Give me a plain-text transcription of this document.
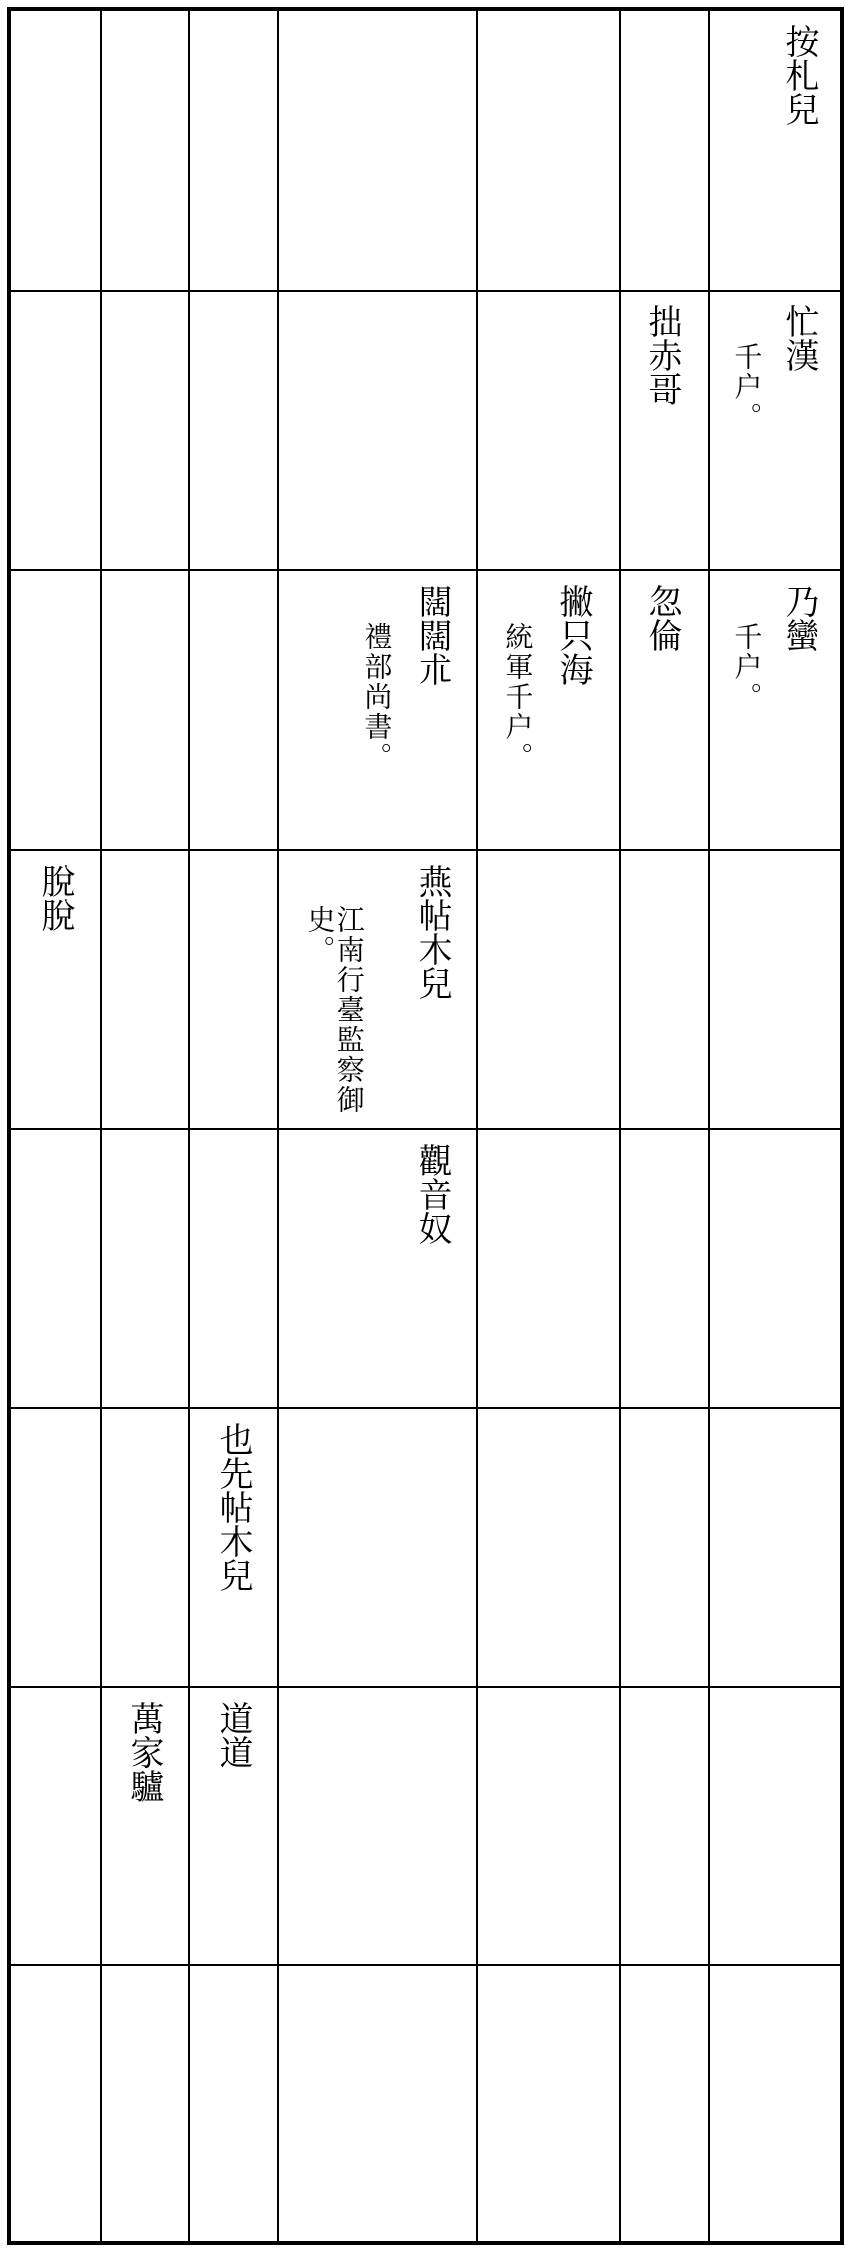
按札兒
忙漢
千户。
乃蠻
千户。
拙赤哥
忽倫
撇只海
統軍千户。
闊闊朮
禮部尚書。
燕帖木兒
江南行臺監察御史。
觀音奴
也先帖木兒
道道
萬家驢
脫脫
